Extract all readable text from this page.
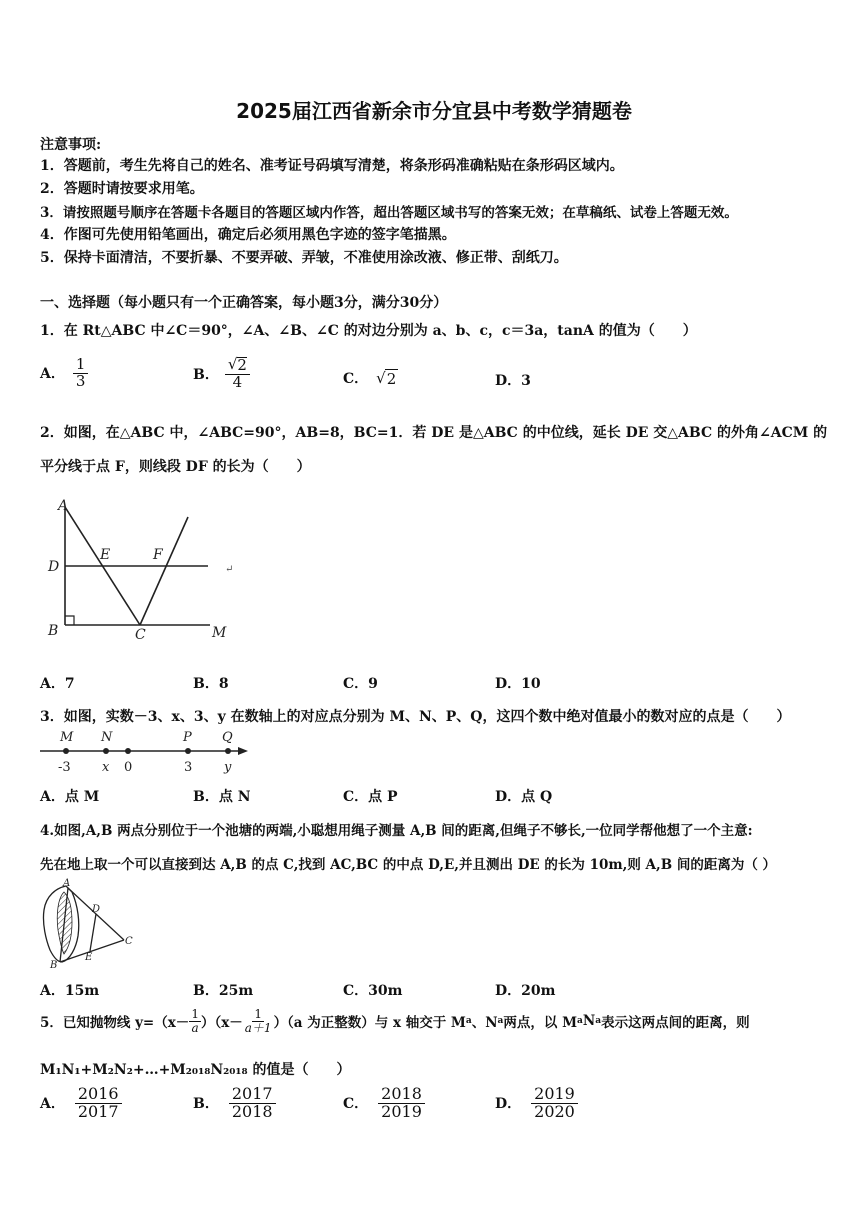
2025届江西省新余市分宜县中考数学猜题卷
注意事项:
1．答题前，考生先将自己的姓名、准考证号码填写清楚，将条形码准确粘贴在条形码区域内。
2．答题时请按要求用笔。
3．请按照题号顺序在答题卡各题目的答题区域内作答，超出答题区域书写的答案无效；在草稿纸、试卷上答题无效。
4．作图可先使用铅笔画出，确定后必须用黑色字迹的签字笔描黑。
5．保持卡面清洁，不要折暴、不要弄破、弄皱，不准使用涂改液、修正带、刮纸刀。
一、选择题（每小题只有一个正确答案，每小题3分，满分30分）
1．在 Rt△ABC 中∠C＝90°，∠A、∠B、∠C 的对边分别为 a、b、c，c＝3a，tanA 的值为（　　）
A． $\frac{1}{3}$	B． $\frac{√ 2}{4}$	C． √ 2	D．3
2．如图，在△ABC 中，∠ABC=90°，AB=8，BC=1．若 DE 是△ABC 的中位线，延长 DE 交△ABC 的外角∠ACM 的
平分线于点 F，则线段 DF 的长为（　　）
A
D
E	F
B	C	M
↵
A．7	B．8	C．9	D．10
3．如图，实数－3、x、3、y 在数轴上的对应点分别为 M、N、P、Q，这四个数中绝对值最小的数对应的点是（　　）
M N	P Q
-3 x 0	3 y
A．点 M	B．点 N	C．点 P	D．点 Q
4.如图,A,B 两点分别位于一个池塘的两端,小聪想用绳子测量 A,B 间的距离,但绳子不够长,一位同学帮他想了一个主意:
先在地上取一个可以直接到达 A,B 的点 C,找到 AC,BC 的中点 D,E,并且测出 DE 的长为 10m,则 A,B 间的距离为（ ）
A
B
C
D
E
A．15m	B．25m	C．30m	D．20m
5．已知抛物线 $y=(x- \frac{1}{a} )(x- \frac{1}{a+1} )(a$ 为正整数）与 x 轴交于 M a 、N a 两点，以 M a N a 表示这两点间的距离，则
M₁N₁+M₂N₂+…+M₂₀₁₈N₂₀₁₈ 的值是（　　）
A． $\frac{2016}{2017}$	B． $\frac{2017}{2018}$	C． $\frac{2018}{2019}$	D． $\frac{2019}{2020}$
